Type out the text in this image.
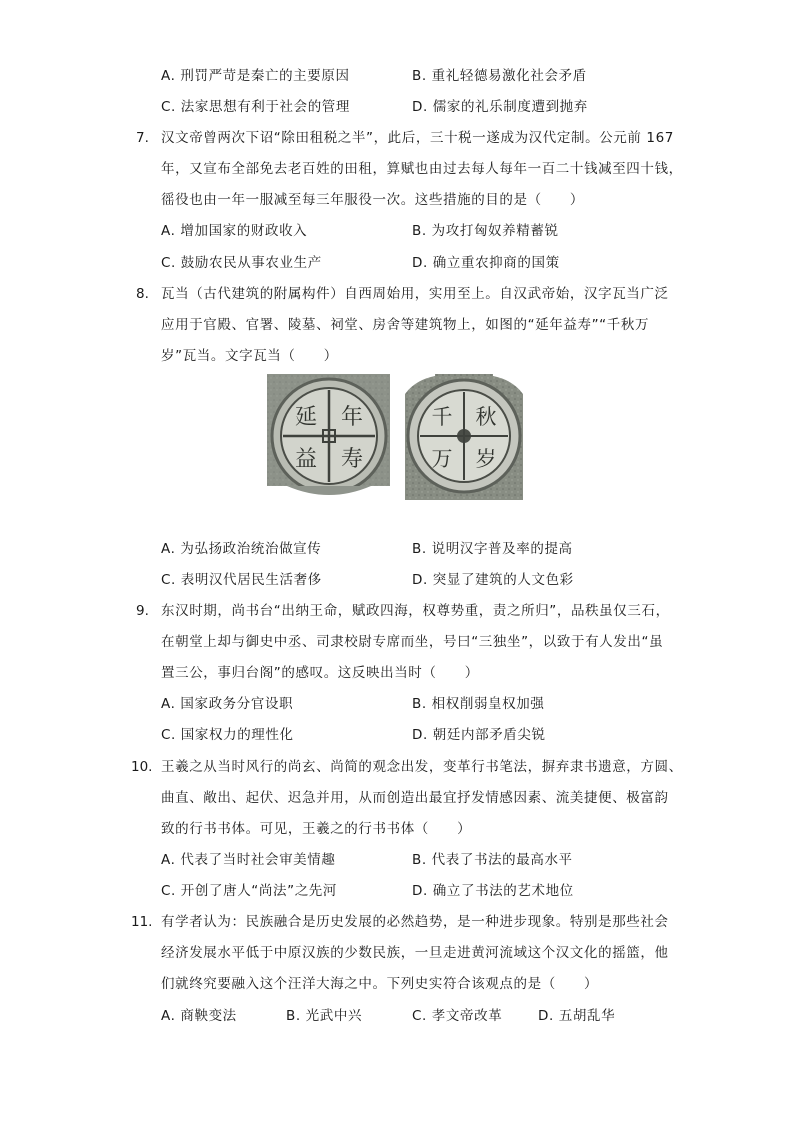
A. 刑罚严苛是秦亡的主要原因	B. 重礼轻德易激化社会矛盾
C. 法家思想有利于社会的管理	D. 儒家的礼乐制度遭到抛弃
7. 汉文帝曾两次下诏“除田租税之半”，此后，三十税一遂成为汉代定制。公元前 167
年，又宣布全部免去老百姓的田租，算赋也由过去每人每年一百二十钱减至四十钱，
徭役也由一年一服减至每三年服役一次。这些措施的目的是（　　）
A. 增加国家的财政收入	B. 为攻打匈奴养精蓄锐
C. 鼓励农民从事农业生产	D. 确立重农抑商的国策
8. 瓦当（古代建筑的附属构件）自西周始用，实用至上。自汉武帝始，汉字瓦当广泛
应用于官殿、官署、陵墓、祠堂、房舍等建筑物上，如图的“延年益寿”“千秋万
岁”瓦当。文字瓦当（　　）
延 年
益 寿
千 秋
万 岁
A. 为弘扬政治统治做宣传	B. 说明汉字普及率的提高
C. 表明汉代居民生活奢侈	D. 突显了建筑的人文色彩
9. 东汉时期，尚书台“出纳王命，赋政四海，权尊势重，责之所归”，品秩虽仅三石，
在朝堂上却与御史中丞、司隶校尉专席而坐，号曰“三独坐”，以致于有人发出“虽
置三公，事归台阁”的感叹。这反映出当时（　　）
A. 国家政务分官设职	B. 相权削弱皇权加强
C. 国家权力的理性化	D. 朝廷内部矛盾尖锐
10. 王羲之从当时风行的尚玄、尚简的观念出发，变革行书笔法，摒弃隶书遗意，方圆、
曲直、敞出、起伏、迟急并用，从而创造出最宜抒发情感因素、流美捷便、极富韵
致的行书书体。可见，王羲之的行书书体（　　）
A. 代表了当时社会审美情趣	B. 代表了书法的最高水平
C. 开创了唐人“尚法”之先河	D. 确立了书法的艺术地位
11. 有学者认为：民族融合是历史发展的必然趋势，是一种进步现象。特别是那些社会
经济发展水平低于中原汉族的少数民族，一旦走进黄河流域这个汉文化的摇篮，他
们就终究要融入这个汪洋大海之中。下列史实符合该观点的是（　　）
A. 商鞅变法	B. 光武中兴	C. 孝文帝改革	D. 五胡乱华
